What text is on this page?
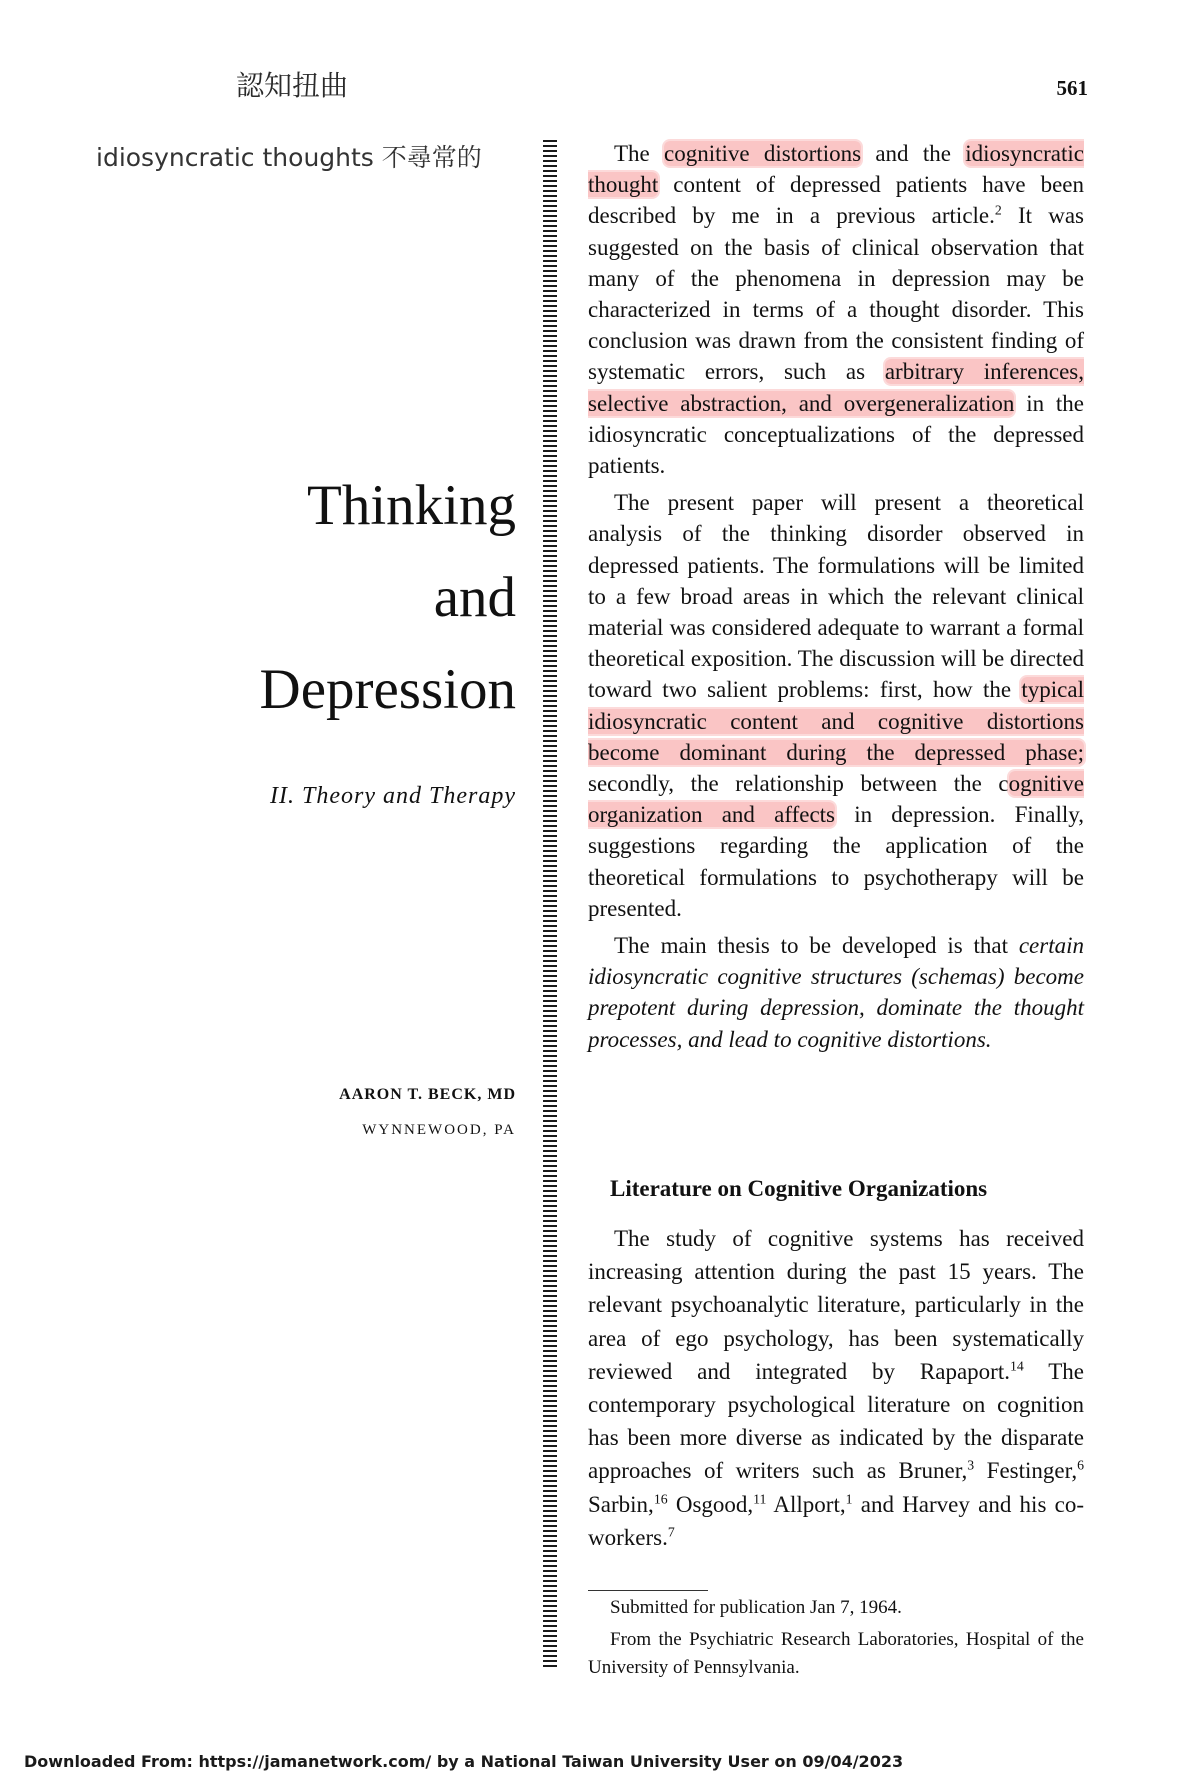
認知扭曲	561
idiosyncratic thoughts 不尋常的
Thinking
and
Depression
II. Theory and Therapy
AARON T. BECK, MD
WYNNEWOOD, PA

The cognitive distortions and the idiosyncratic thought content of depressed patients have been described by me in a previous article.$^2$ It was suggested on the basis of clinical observation that many of the phenomena in depression may be characterized in terms of a thought disorder. This conclusion was drawn from the consistent finding of systematic errors, such as arbitrary inferences, selective abstraction, and overgeneralization in the idiosyncratic conceptualizations of the depressed patients.

The present paper will present a theoretical analysis of the thinking disorder observed in depressed patients. The formulations will be limited to a few broad areas in which the relevant clinical material was considered adequate to warrant a formal theoretical exposition. The discussion will be directed toward two salient problems: first, how the typical idiosyncratic content and cognitive distortions become dominant during the depressed phase; secondly, the relationship between the cognitive organization and affects in depression. Finally, suggestions regarding the application of the theoretical formulations to psychotherapy will be presented.

The main thesis to be developed is that certain idiosyncratic cognitive structures (schemas) become prepotent during depression, dominate the thought processes, and lead to cognitive distortions.

Literature on Cognitive Organizations

The study of cognitive systems has received increasing attention during the past 15 years. The relevant psychoanalytic literature, particularly in the area of ego psychology, has been systematically reviewed and integrated by Rapaport.$^{14}$ The contemporary psychological literature on cognition has been more diverse as indicated by the disparate approaches of writers such as Bruner,$^3$ Festinger,$^6$ Sarbin,$^{16}$ Osgood,$^{11}$ Allport,$^1$ and Harvey and his co-workers.$^7$

Submitted for publication Jan 7, 1964.

From the Psychiatric Research Laboratories, Hospital of the University of Pennsylvania.

Downloaded From: https://jamanetwork.com/ by a National Taiwan University User on 09/04/2023
